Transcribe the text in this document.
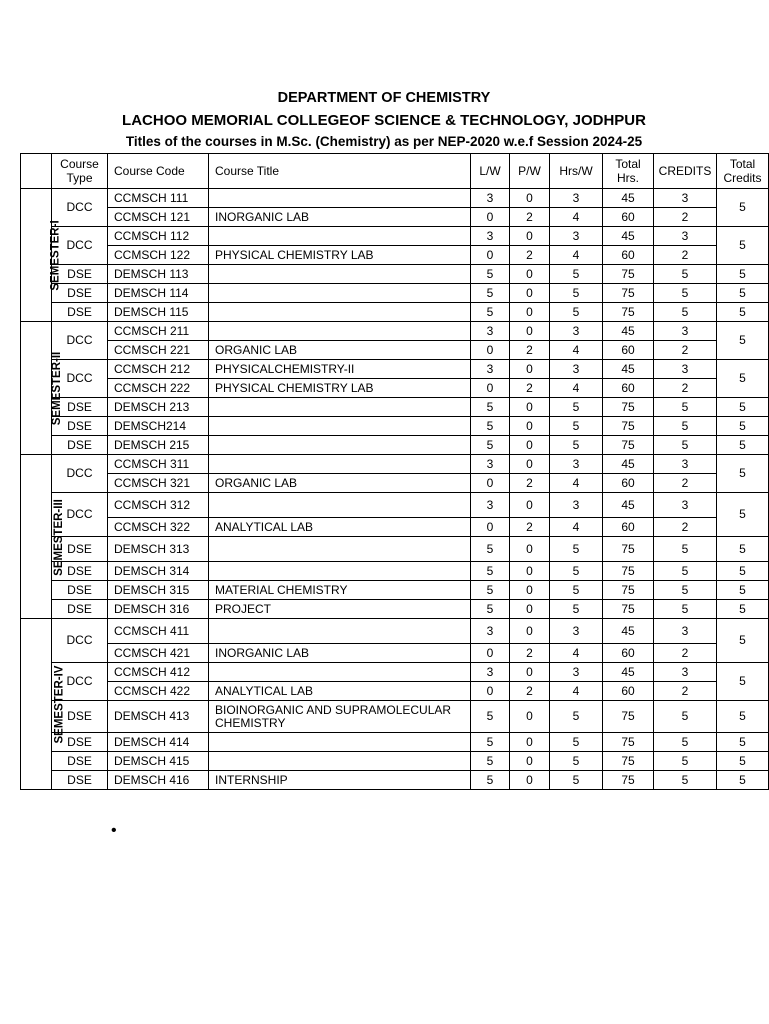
DEPARTMENT OF CHEMISTRY
LACHOO MEMORIAL COLLEGEOF SCIENCE & TECHNOLOGY, JODHPUR
Titles of the courses in M.Sc. (Chemistry) as per NEP-2020 w.e.f Session 2024-25
	Course Type	Course Code	Course Title	L/W	P/W	Hrs/W	Total Hrs.	CREDITS	Total Credits
SEMESTER-I	DCC	CCMSCH 111		3	0	3	45	3	5
		CCMSCH 121	INORGANIC LAB	0	2	4	60	2	
	DCC	CCMSCH 112		3	0	3	45	3	5
		CCMSCH 122	PHYSICAL CHEMISTRY LAB	0	2	4	60	2	
	DSE	DEMSCH 113		5	0	5	75	5	5
	DSE	DEMSCH 114		5	0	5	75	5	5
	DSE	DEMSCH 115		5	0	5	75	5	5
SEMESTER-II	DCC	CCMSCH 211		3	0	3	45	3	5
		CCMSCH 221	ORGANIC LAB	0	2	4	60	2	
	DCC	CCMSCH 212	PHYSICALCHEMISTRY-II	3	0	3	45	3	5
		CCMSCH 222	PHYSICAL CHEMISTRY LAB	0	2	4	60	2	
	DSE	DEMSCH 213		5	0	5	75	5	5
	DSE	DEMSCH214		5	0	5	75	5	5
	DSE	DEMSCH 215		5	0	5	75	5	5
SEMESTER-III	DCC	CCMSCH 311		3	0	3	45	3	5
		CCMSCH 321	ORGANIC LAB	0	2	4	60	2	
	DCC	CCMSCH 312		3	0	3	45	3	5
		CCMSCH 322	ANALYTICAL LAB	0	2	4	60	2	
	DSE	DEMSCH 313		5	0	5	75	5	5
	DSE	DEMSCH 314		5	0	5	75	5	5
	DSE	DEMSCH 315	MATERIAL CHEMISTRY	5	0	5	75	5	5
	DSE	DEMSCH 316	PROJECT	5	0	5	75	5	5
SEMESTER-IV	DCC	CCMSCH 411		3	0	3	45	3	5
		CCMSCH 421	INORGANIC LAB	0	2	4	60	2	
	DCC	CCMSCH 412		3	0	3	45	3	5
		CCMSCH 422	ANALYTICAL LAB	0	2	4	60	2	
	DSE	DEMSCH 413	BIOINORGANIC AND SUPRAMOLECULAR CHEMISTRY	5	0	5	75	5	5
	DSE	DEMSCH 414		5	0	5	75	5	5
	DSE	DEMSCH 415		5	0	5	75	5	5
	DSE	DEMSCH 416	INTERNSHIP	5	0	5	75	5	5
•
